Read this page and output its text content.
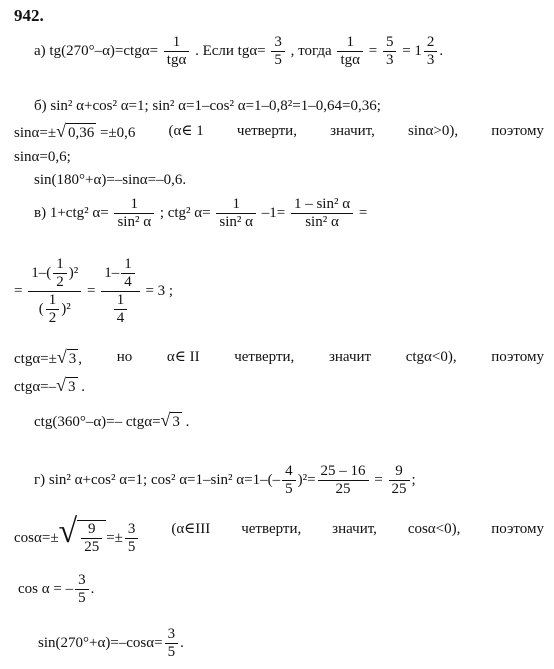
942.
а) tg(270°–α)=ctgα=
1
tgα
. Если $tg\alpha= \frac{3}{5}$ , тогда
1
tgα
= $\frac{5}{3} = 1 \frac{2}{3}$ .
б) sin² α+cos² α=1; sin² α=1–cos² α=1–0,8²=1–0,64=0,36;
sinα=±√ 0,36 =±0,6 (α∈ 1 четверти, значит, sinα>0), поэтому
sinα=0,6;
sin(180°+α)=–sinα=–0,6.
в) 1+ctg² $\alpha= \frac{1}{\text{sin² α}}$ ; ctg² $\alpha= \frac{1}{\text{sin² α}} -1= \frac{\text{1 – sin² α}}{\text{sin² α}}$ =
= $\frac{1-( \frac{1}{2} )^2}{( \frac{1}{2} )^2} = \frac{1- \frac{1}{4}}{\frac{1}{4}} = 3$ ;
ctgα=±√ 3 , но α∈ II четверти, значит ctgα<0), поэтому
ctgα=–√ 3 .
ctg(360°–α)=– ctgα=√ 3 .
г) sin² α+cos² α=1; cos² α=1–sin² $\alpha=1-(- \frac{4}{5} )^2= \frac{25 - 16}{25} = \frac{9}{25}$ ;
$\cos\alpha=\pm√ \frac{9}{25} =\pm \frac{3}{5}$ (α∈III четверти, значит, cosα<0), поэтому
cos α = – $\frac{3}{5}$ .
$\sin(270^\circ+\alpha)=-\cos\alpha= \frac{3}{5}$ .
